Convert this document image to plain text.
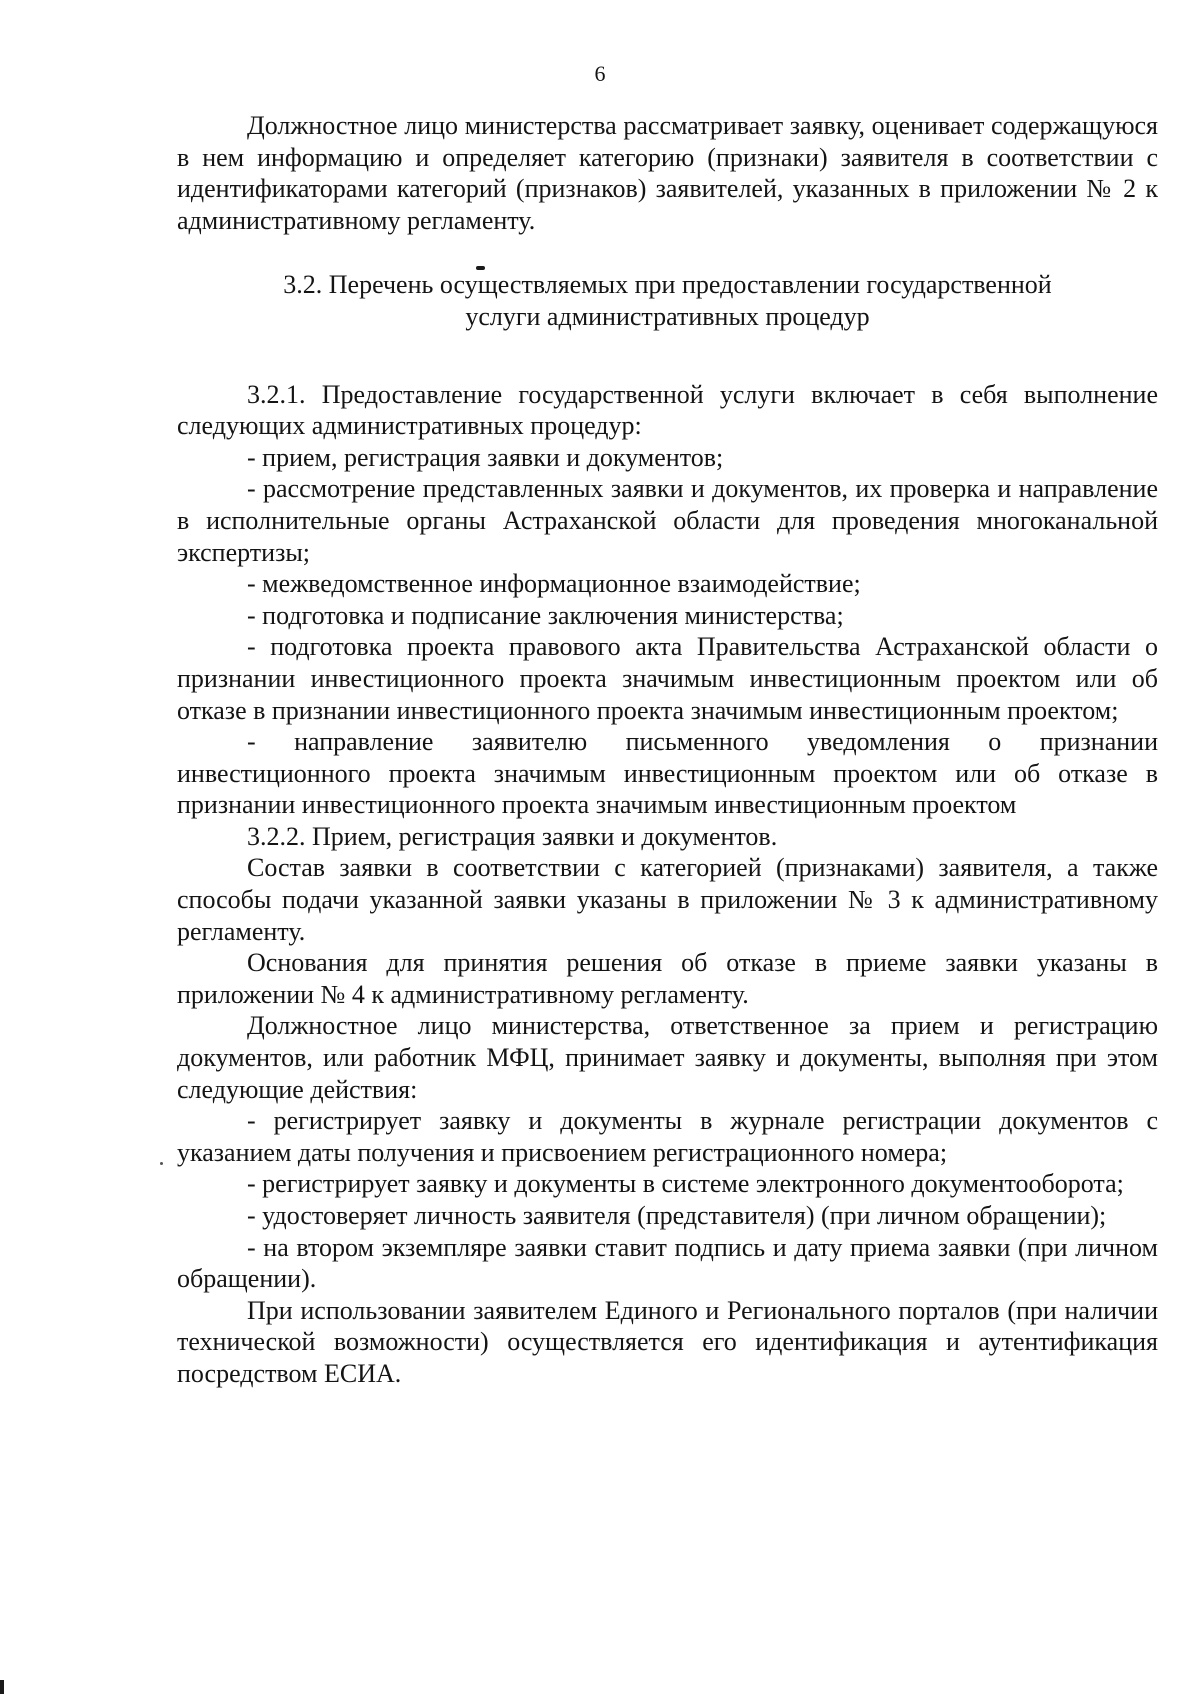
6

Должностное лицо министерства рассматривает заявку, оценивает содержащуюся в нем информацию и определяет категорию (признаки) заявителя в соответствии с идентификаторами категорий (признаков) заявителей, указанных в приложении № 2 к административному регламенту.

3.2. Перечень осуществляемых при предоставлении государственной
услуги административных процедур

3.2.1. Предоставление государственной услуги включает в себя выполнение следующих административных процедур:

- прием, регистрация заявки и документов;

- рассмотрение представленных заявки и документов, их проверка и направление в исполнительные органы Астраханской области для проведения многоканальной экспертизы;

- межведомственное информационное взаимодействие;

- подготовка и подписание заключения министерства;

- подготовка проекта правового акта Правительства Астраханской области о признании инвестиционного проекта значимым инвестиционным проектом или об отказе в признании инвестиционного проекта значимым инвестиционным проектом;

- направление заявителю письменного уведомления о признании инвестиционного проекта значимым инвестиционным проектом или об отказе в признании инвестиционного проекта значимым инвестиционным проектом

3.2.2. Прием, регистрация заявки и документов.

Состав заявки в соответствии с категорией (признаками) заявителя, а также способы подачи указанной заявки указаны в приложении № 3 к административному регламенту.

Основания для принятия решения об отказе в приеме заявки указаны в приложении № 4 к административному регламенту.

Должностное лицо министерства, ответственное за прием и регистрацию документов, или работник МФЦ, принимает заявку и документы, выполняя при этом следующие действия:

- регистрирует заявку и документы в журнале регистрации документов с указанием даты получения и присвоением регистрационного номера;

- регистрирует заявку и документы в системе электронного документооборота;

- удостоверяет личность заявителя (представителя) (при личном обращении);

- на втором экземпляре заявки ставит подпись и дату приема заявки (при личном обращении).

При использовании заявителем Единого и Регионального порталов (при наличии технической возможности) осуществляется его идентификация и аутентификация посредством ЕСИА.
